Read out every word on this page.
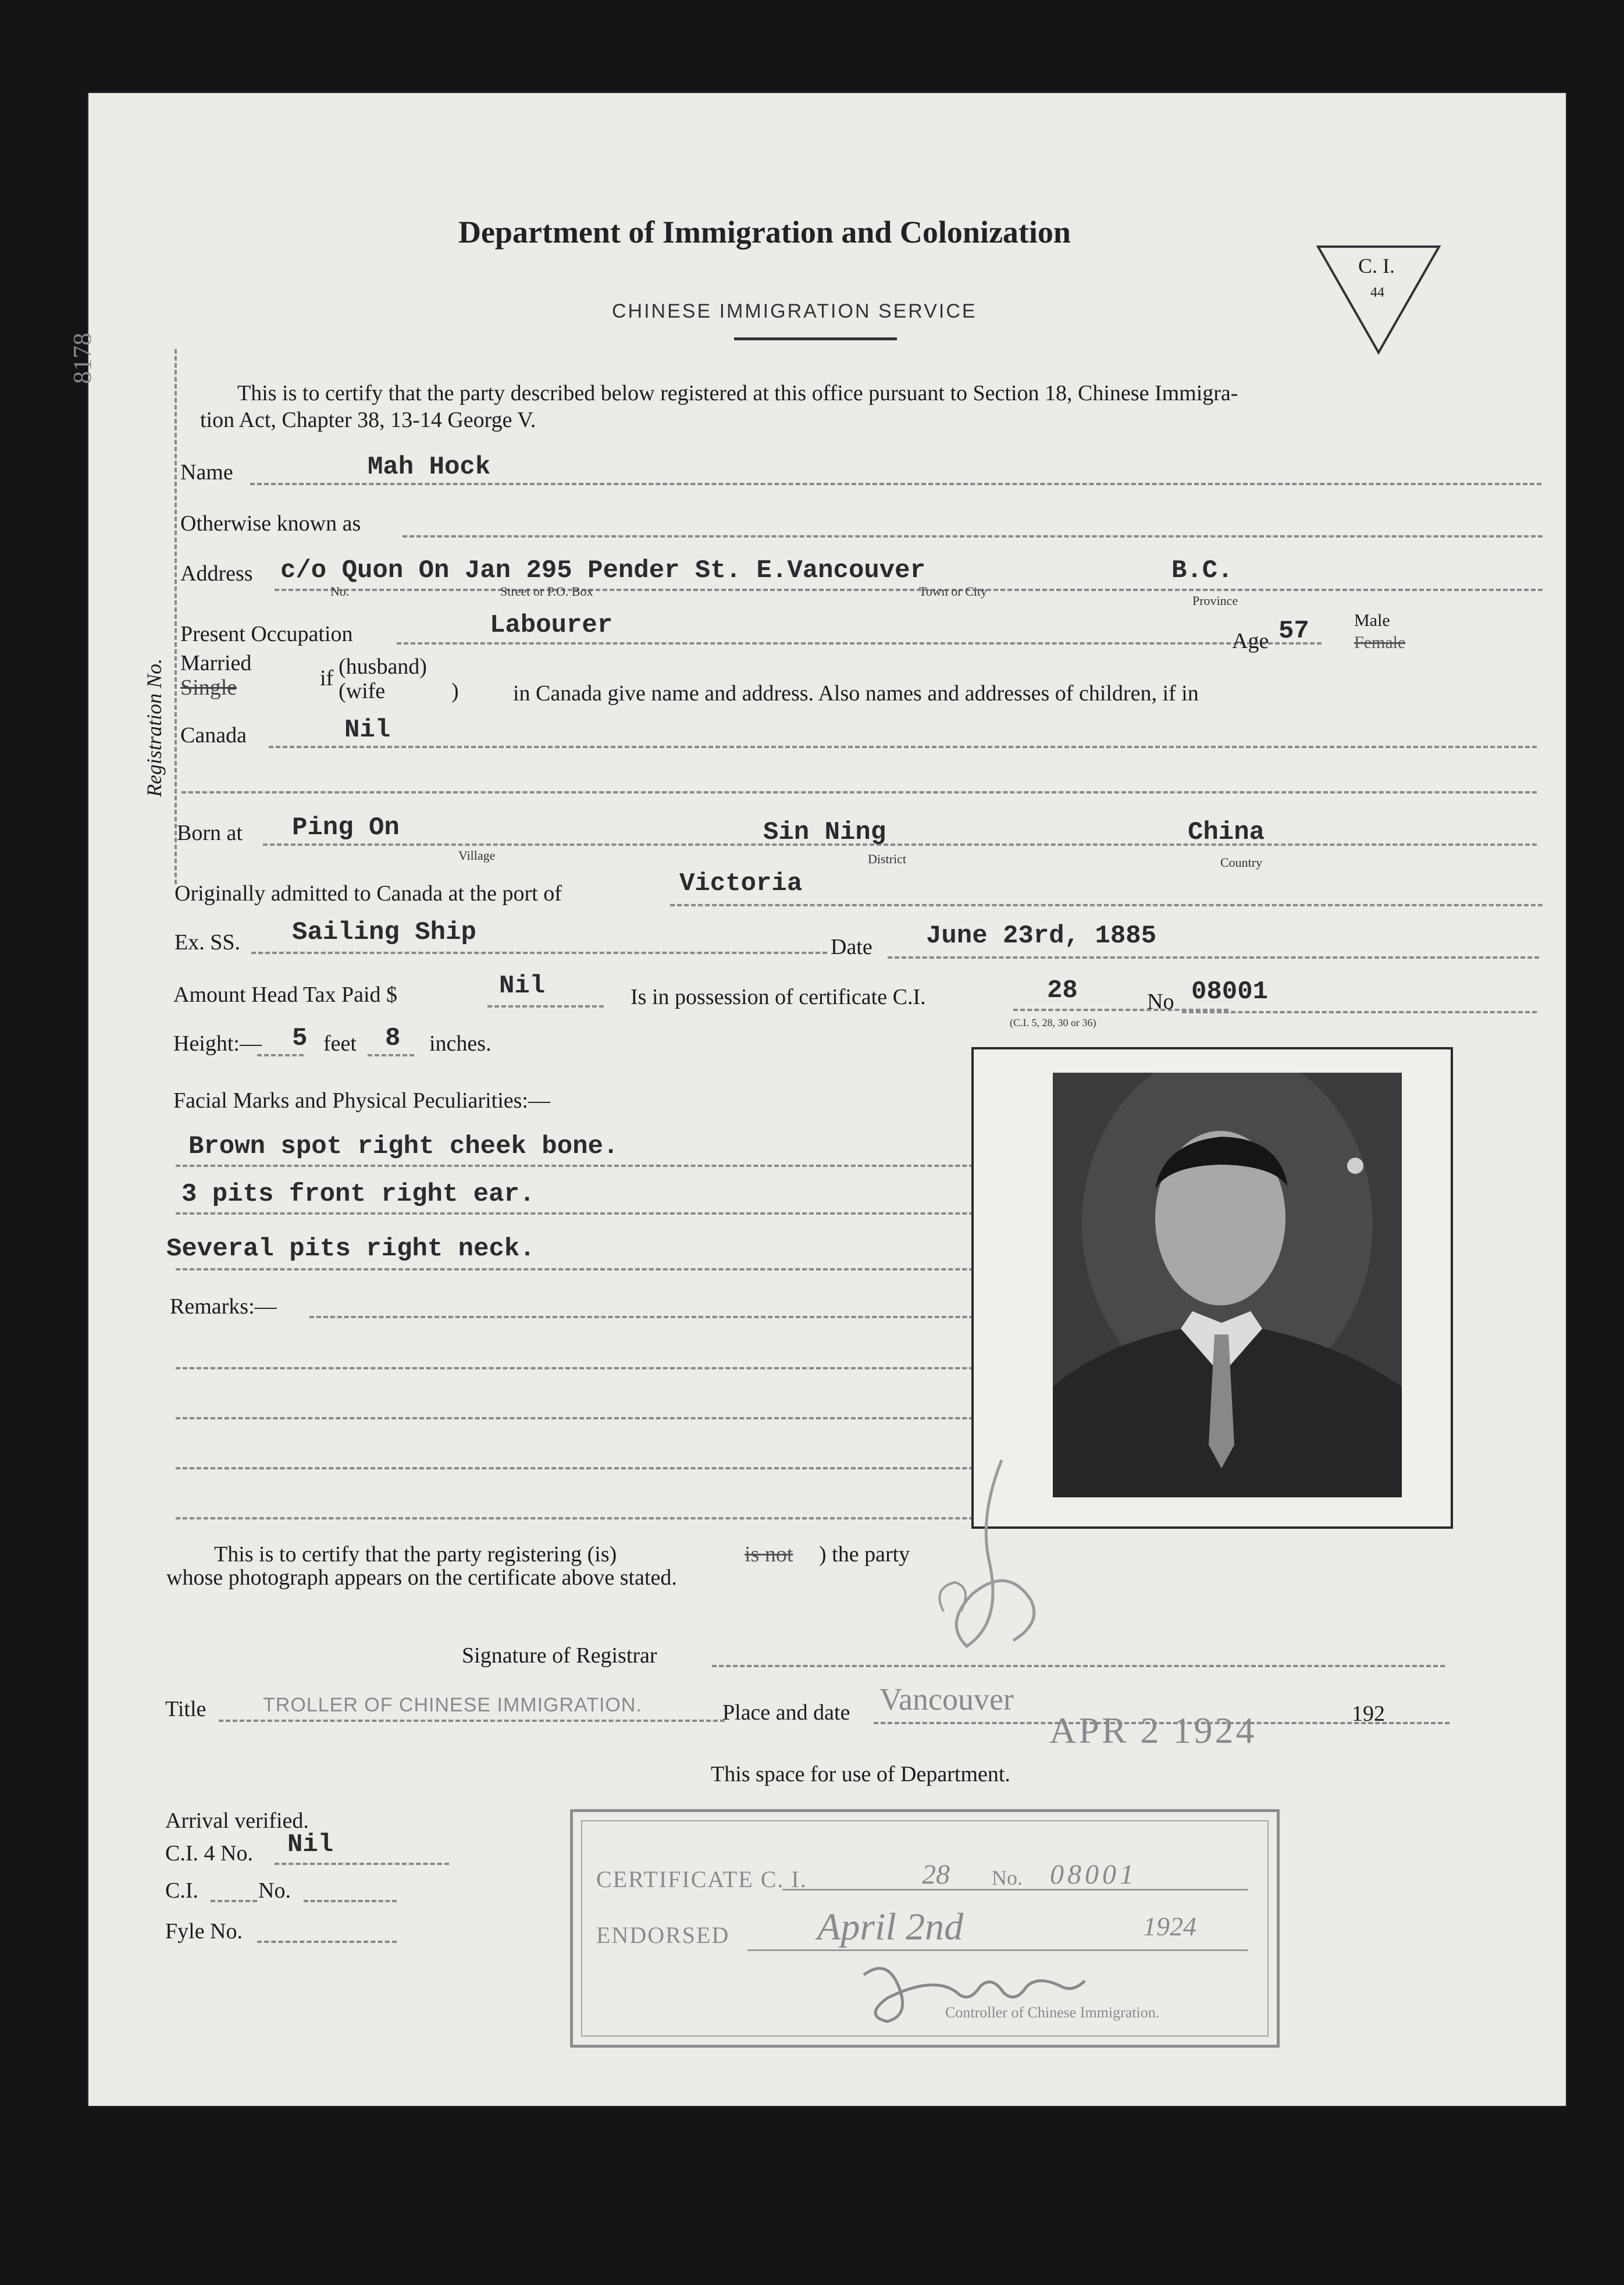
Department of Immigration and Colonization
CHINESE IMMIGRATION SERVICE
C. I.
44
8178
Registration No.
This is to certify that the party described below registered at this office pursuant to Section 18, Chinese Immigra-
tion Act, Chapter 38, 13-14 George V.
Name	Mah Hock
Otherwise known as
Address c/o Quon On Jan 295 Pender St. E.Vancouver	B.C.
No.	Street or P.O. Box	Town or City
Province
Present Occupation	Labourer
Age 57	Male
Female
Married
Single	if (husband)
(wife	) in Canada give name and address. Also names and addresses of children, if in
Canada	Nil
Born at Ping On	Sin Ning	China
Village	District	Country
Originally admitted to Canada at the port of	Victoria
Ex. SS. Sailing Ship	Date June 23rd, 1885
Amount Head Tax Paid $	Nil	Is in possession of certificate C.I.	28	No 08001
(C.I. 5, 28, 30 or 36)
Height:— 5 feet 8 inches.
Facial Marks and Physical Peculiarities:—
Brown spot right cheek bone.
3 pits front right ear.
Several pits right neck.
Remarks:—
This is to certify that the party registering (is)	is not ) the party
whose photograph appears on the certificate above stated.
Signature of Registrar
Title	TROLLER OF CHINESE IMMIGRATION.	Place and date Vancouver
APR 2 1924	192
This space for use of Department.
Arrival verified.
C.I. 4 No. Nil
C.I.	No.
Fyle No.
CERTIFICATE C. I.	28 No. 08001
ENDORSED April 2nd	1924
Controller of Chinese Immigration.
